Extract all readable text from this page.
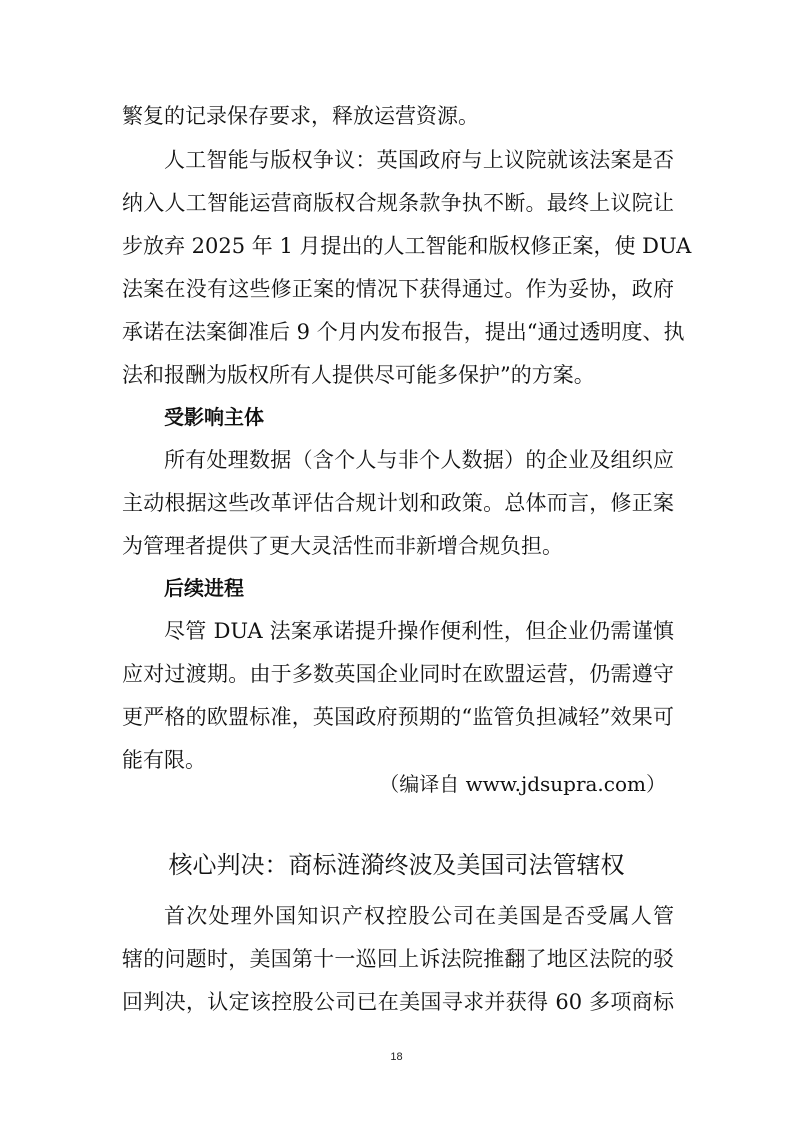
繁复的记录保存要求，释放运营资源。
人工智能与版权争议：英国政府与上议院就该法案是否
纳入人工智能运营商版权合规条款争执不断。最终上议院让
步放弃 2025 年 1 月提出的人工智能和版权修正案，使 DUA
法案在没有这些修正案的情况下获得通过。作为妥协，政府
承诺在法案御准后 9 个月内发布报告，提出“通过透明度、执
法和报酬为版权所有人提供尽可能多保护”的方案。
受影响主体
所有处理数据（含个人与非个人数据）的企业及组织应
主动根据这些改革评估合规计划和政策。总体而言，修正案
为管理者提供了更大灵活性而非新增合规负担。
后续进程
尽管 DUA 法案承诺提升操作便利性，但企业仍需谨慎
应对过渡期。由于多数英国企业同时在欧盟运营，仍需遵守
更严格的欧盟标准，英国政府预期的“监管负担减轻”效果可
能有限。
（编译自 www.jdsupra.com）
核心判决：商标涟漪终波及美国司法管辖权
首次处理外国知识产权控股公司在美国是否受属人管
辖的问题时，美国第十一巡回上诉法院推翻了地区法院的驳
回判决，认定该控股公司已在美国寻求并获得 60 多项商标
18
